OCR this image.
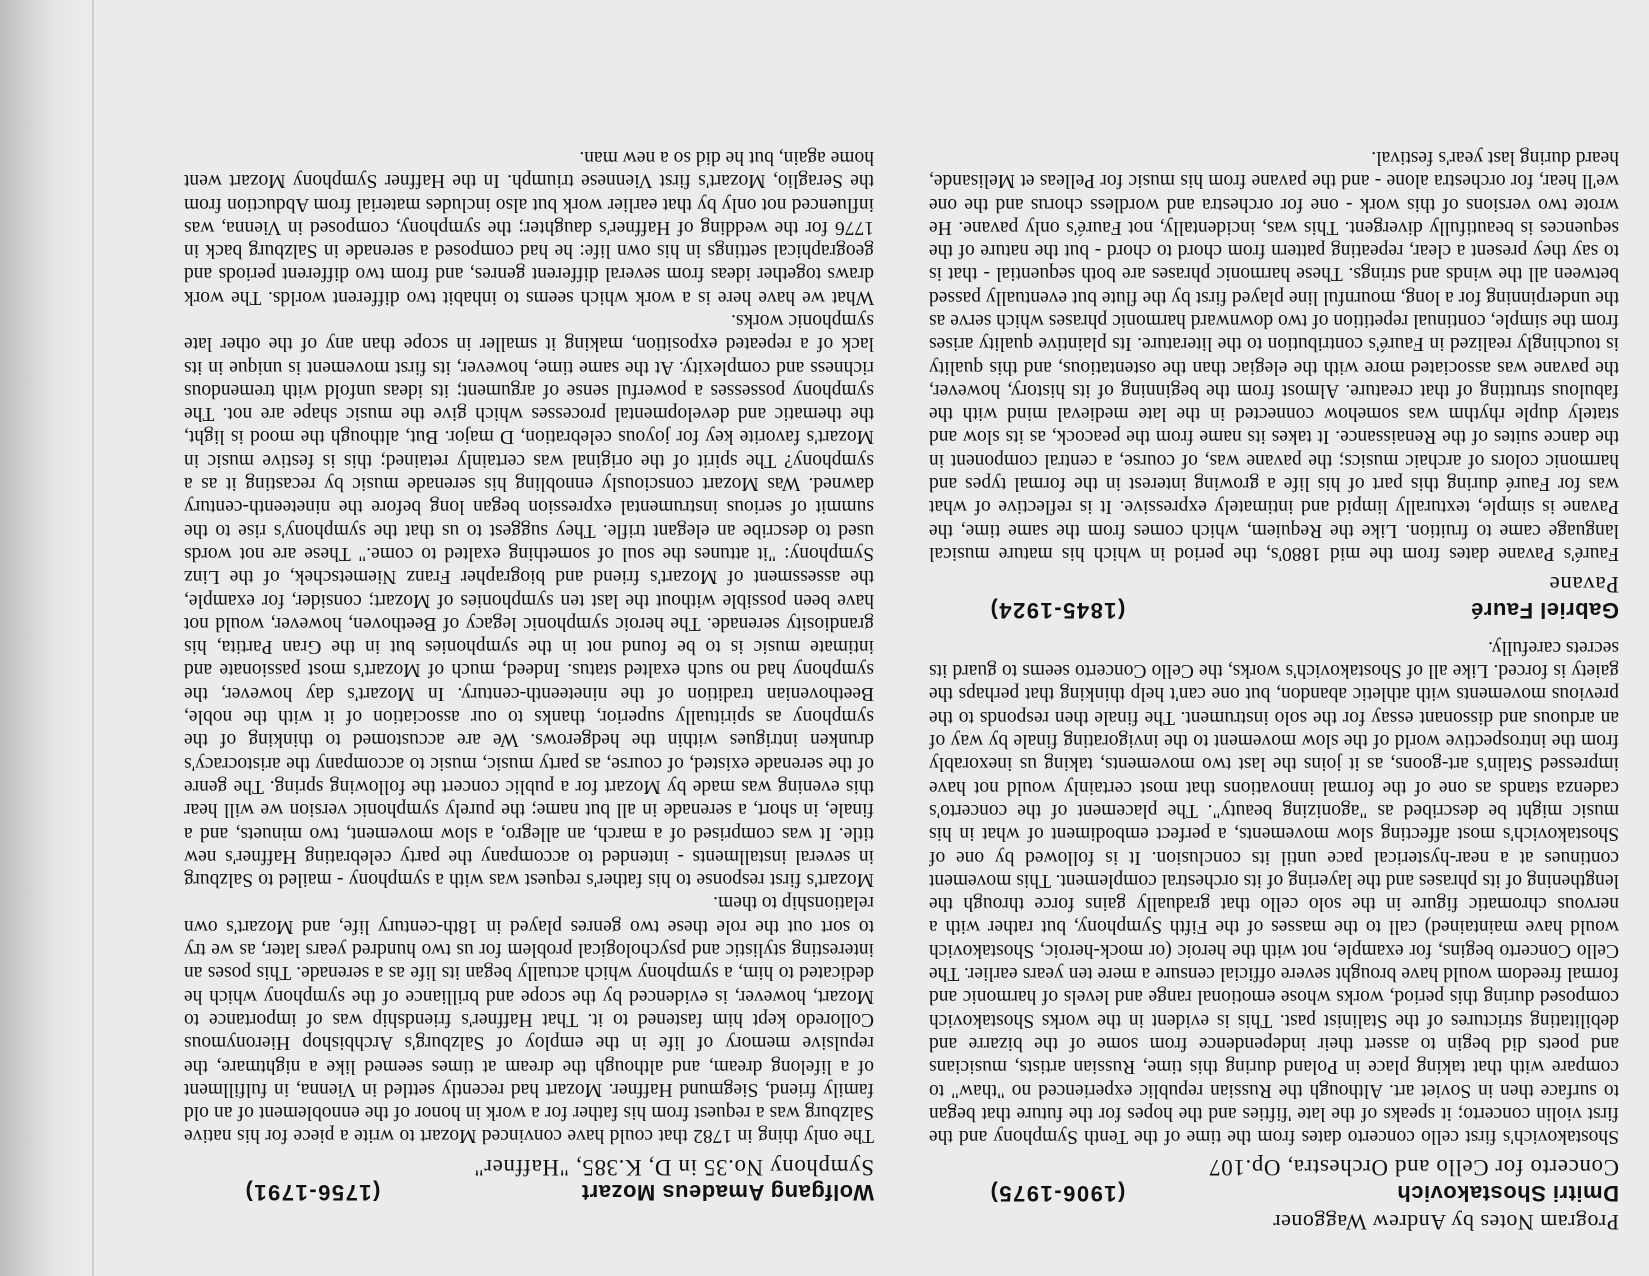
Program Notes by Andrew Waggoner
Dmitri Shostakovich
(1906-1975)
Concerto for Cello and Orchestra, Op.107

Shostakovich's first cello concerto dates from the time of the Tenth Symphony and the first violin concerto; it speaks of the late 'fifties and the hopes for the future that began to surface then in Soviet art. Although the Russian republic experienced no "thaw" to compare with that taking place in Poland during this time, Russian artists, musicians and poets did begin to assert their independence from some of the bizarre and debilitating strictures of the Stalinist past. This is evident in the works Shostakovich composed during this period, works whose emotional range and levels of harmonic and formal freedom would have brought severe official censure a mere ten years earlier. The Cello Concerto begins, for example, not with the heroic (or mock-heroic, Shostakovich would have maintained) call to the masses of the Fifth Symphony, but rather with a nervous chromatic figure in the solo cello that gradually gains force through the lengthening of its phrases and the layering of its orchestral complement. This movement continues at a near-hysterical pace until its conclusion. It is followed by one of Shostakovich's most affecting slow movements, a perfect embodiment of what in his music might be described as "agonizing beauty". The placement of the concerto's cadenza stands as one of the formal innovations that most certainly would not have impressed Stalin's art-goons, as it joins the last two movements, taking us inexorably from the introspective world of the slow movement to the invigorating finale by way of an arduous and dissonant essay for the solo instrument. The finale then responds to the previous movements with athletic abandon, but one can't help thinking that perhaps the gaiety is forced. Like all of Shostakovich's works, the Cello Concerto seems to guard its secrets carefully.

Gabriel Fauré
(1845-1924)
Pavane

Fauré's Pavane dates from the mid 1880's, the period in which his mature musical language came to fruition. Like the Requiem, which comes from the same time, the Pavane is simple, texturally limpid and intimately expressive. It is reflective of what was for Fauré during this part of his life a growing interest in the formal types and harmonic colors of archaic musics; the pavane was, of course, a central component in the dance suites of the Renaissance. It takes its name from the peacock, as its slow and stately duple rhythm was somehow connected in the late medieval mind with the fabulous strutting of that creature. Almost from the beginning of its history, however, the pavane was associated more with the elegiac than the ostentatious, and this quality is touchingly realized in Fauré's contribution to the literature. Its plaintive quality arises from the simple, continual repetition of two downward harmonic phrases which serve as the underpinning for a long, mournful line played first by the flute but eventually passed between all the winds and strings. These harmonic phrases are both sequential - that is to say they present a clear, repeating pattern from chord to chord - but the nature of the sequences is beautifully divergent. This was, incidentally, not Fauré's only pavane. He wrote two versions of this work - one for orchestra and wordless chorus and the one we'll hear, for orchestra alone - and the pavane from his music for Pelleas et Melisande, heard during last year's festival.

Wolfgang Amadeus Mozart
(1756-1791)
Symphony No.35 in D, K.385, "Haffner"

The only thing in 1782 that could have convinced Mozart to write a piece for his native Salzburg was a request from his father for a work in honor of the ennoblement of an old family friend, Siegmund Haffner. Mozart had recently settled in Vienna, in fulfillment of a lifelong dream, and although the dream at times seemed like a nightmare, the repulsive memory of life in the employ of Salzburg's Archbishop Hieronymous Colloredo kept him fastened to it. That Haffner's friendship was of importance to Mozart, however, is evidenced by the scope and brilliance of the symphony which he dedicated to him, a symphony which actually began its life as a serenade. This poses an interesting stylistic and psychological problem for us two hundred years later, as we try to sort out the role these two genres played in 18th-century life, and Mozart's own relationship to them.

Mozart's first response to his father's request was with a symphony - mailed to Salzburg in several installments - intended to accompany the party celebrating Haffner's new title. It was comprised of a march, an allegro, a slow movement, two minuets, and a finale, in short, a serenade in all but name; the purely symphonic version we will hear this evening was made by Mozart for a public concert the following spring. The genre of the serenade existed, of course, as party music, music to accompany the aristocracy's drunken intrigues within the hedgerows. We are accustomed to thinking of the symphony as spiritually superior, thanks to our association of it with the noble, Beethovenian tradition of the nineteenth-century. In Mozart's day however, the symphony had no such exalted status. Indeed, much of Mozart's most passionate and intimate music is to be found not in the symphonies but in the Gran Partita, his grandiosity serenade. The heroic symphonic legacy of Beethoven, however, would not have been possible without the last ten symphonies of Mozart; consider, for example, the assessment of Mozart's friend and biographer Franz Niemetschek, of the Linz Symphony: "it attunes the soul of something exalted to come." These are not words used to describe an elegant trifle. They suggest to us that the symphony's rise to the summit of serious instrumental expression began long before the nineteenth-century dawned. Was Mozart consciously ennobling his serenade music by recasting it as a symphony? The spirit of the original was certainly retained; this is festive music in Mozart's favorite key for joyous celebration, D major. But, although the mood is light, the thematic and developmental processes which give the music shape are not. The symphony possesses a powerful sense of argument; its ideas unfold with tremendous richness and complexity. At the same time, however, its first movement is unique in its lack of a repeated exposition, making it smaller in scope than any of the other late symphonic works.

What we have here is a work which seems to inhabit two different worlds. The work draws together ideas from several different genres, and from two different periods and geographical settings in his own life: he had composed a serenade in Salzburg back in 1776 for the wedding of Haffner's daughter; the symphony, composed in Vienna, was influenced not only by that earlier work but also includes material from Abduction from the Seraglio, Mozart's first Viennese triumph. In the Haffner Symphony Mozart went home again, but he did so a new man.
